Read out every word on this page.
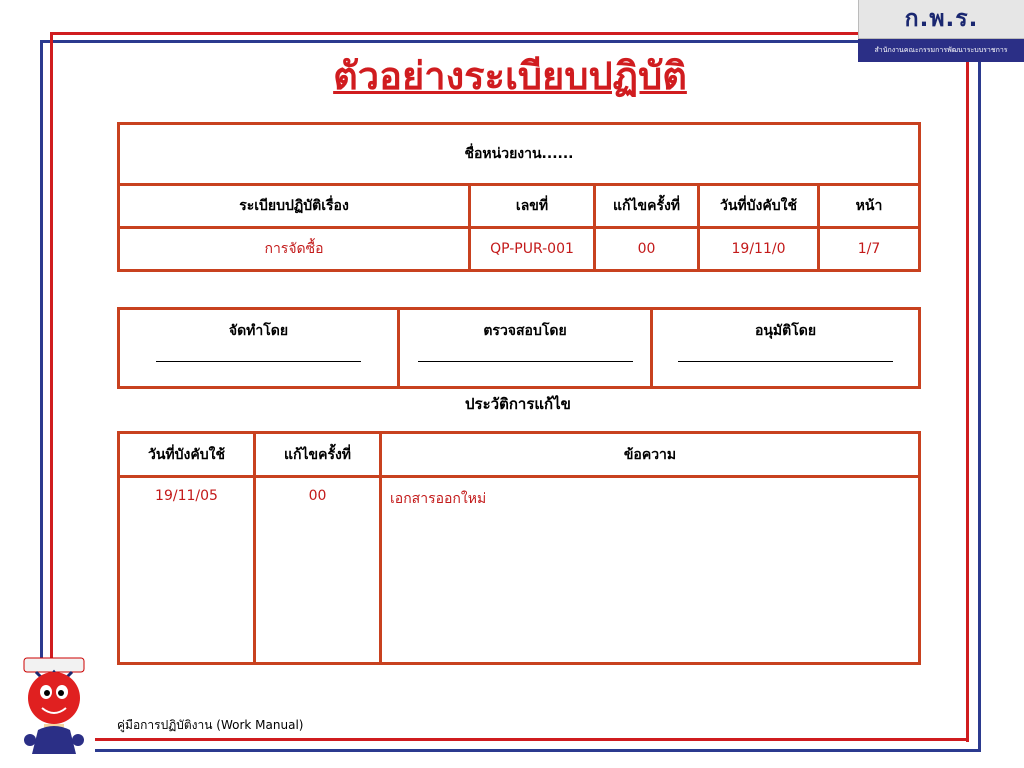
ก.พ.ร.
สำนักงานคณะกรรมการพัฒนาระบบราชการ
ตัวอย่างระเบียบปฏิบัติ
ชื่อหน่วยงาน......				
ระเบียบปฏิบัติเรื่อง	เลขที่	แก้ไขครั้งที่	วันที่บังคับใช้	หน้า
การจัดซื้อ	QP-PUR-001	00	19/11/0	1/7
จัดทำโดย	ตรวจสอบโดย	อนุมัติโดย
ประวัติการแก้ไข
วันที่บังคับใช้	แก้ไขครั้งที่	ข้อความ
19/11/05	00	เอกสารออกใหม่
คู่มือการปฏิบัติงาน (Work Manual)
